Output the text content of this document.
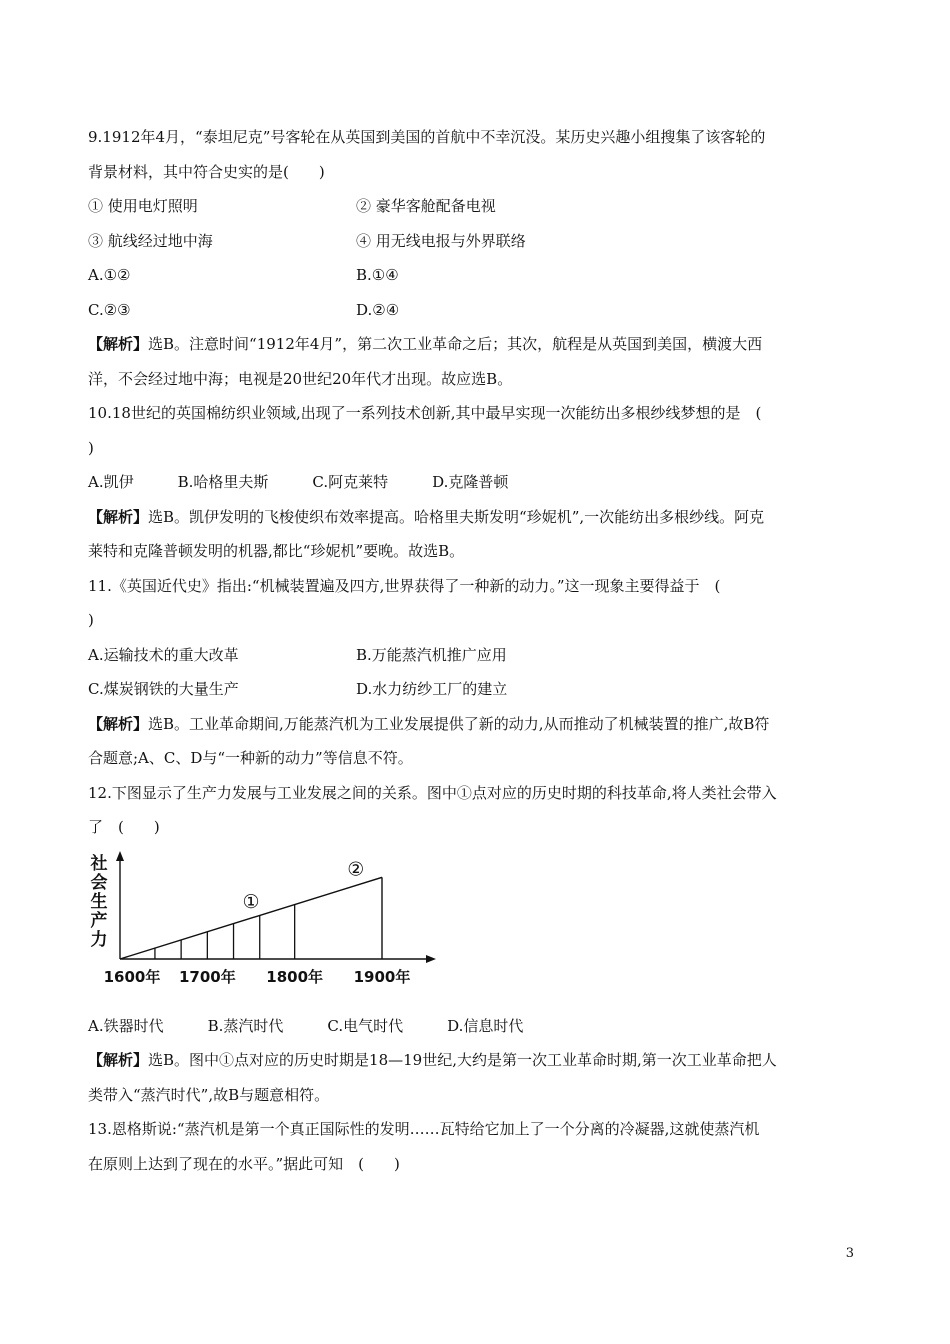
9.1912年4月，“泰坦尼克”号客轮在从英国到美国的首航中不幸沉没。某历史兴趣小组搜集了该客轮的
背景材料，其中符合史实的是(　　)
① 使用电灯照明	② 豪华客舱配备电视
③ 航线经过地中海	④ 用无线电报与外界联络
A.①②	B.①④
C.②③	D.②④
【解析】选B。注意时间“1912年4月”，第二次工业革命之后；其次，航程是从英国到美国，横渡大西
洋，不会经过地中海；电视是20世纪20年代才出现。故应选B。
10.18世纪的英国棉纺织业领域,出现了一系列技术创新,其中最早实现一次能纺出多根纱线梦想的是　(
)
A.凯伊	B.哈格里夫斯	C.阿克莱特	D.克隆普顿
【解析】选B。凯伊发明的飞梭使织布效率提高。哈格里夫斯发明“珍妮机”,一次能纺出多根纱线。阿克
莱特和克隆普顿发明的机器,都比“珍妮机”要晚。故选B。
11.《英国近代史》指出:“机械装置遍及四方,世界获得了一种新的动力。”这一现象主要得益于　(
)
A.运输技术的重大改革	B.万能蒸汽机推广应用
C.煤炭钢铁的大量生产	D.水力纺纱工厂的建立
【解析】选B。工业革命期间,万能蒸汽机为工业发展提供了新的动力,从而推动了机械装置的推广,故B符
合题意;A、C、D与“一种新的动力”等信息不符。
12.下图显示了生产力发展与工业发展之间的关系。图中①点对应的历史时期的科技革命,将人类社会带入
了　(　　)
社
会
生
产
力
1600年 1700年 1800年 1900年
①
②
A.铁器时代	B.蒸汽时代	C.电气时代	D.信息时代
【解析】选B。图中①点对应的历史时期是18—19世纪,大约是第一次工业革命时期,第一次工业革命把人
类带入“蒸汽时代”,故B与题意相符。
13.恩格斯说:“蒸汽机是第一个真正国际性的发明……瓦特给它加上了一个分离的冷凝器,这就使蒸汽机
在原则上达到了现在的水平。”据此可知　(　　)
3
